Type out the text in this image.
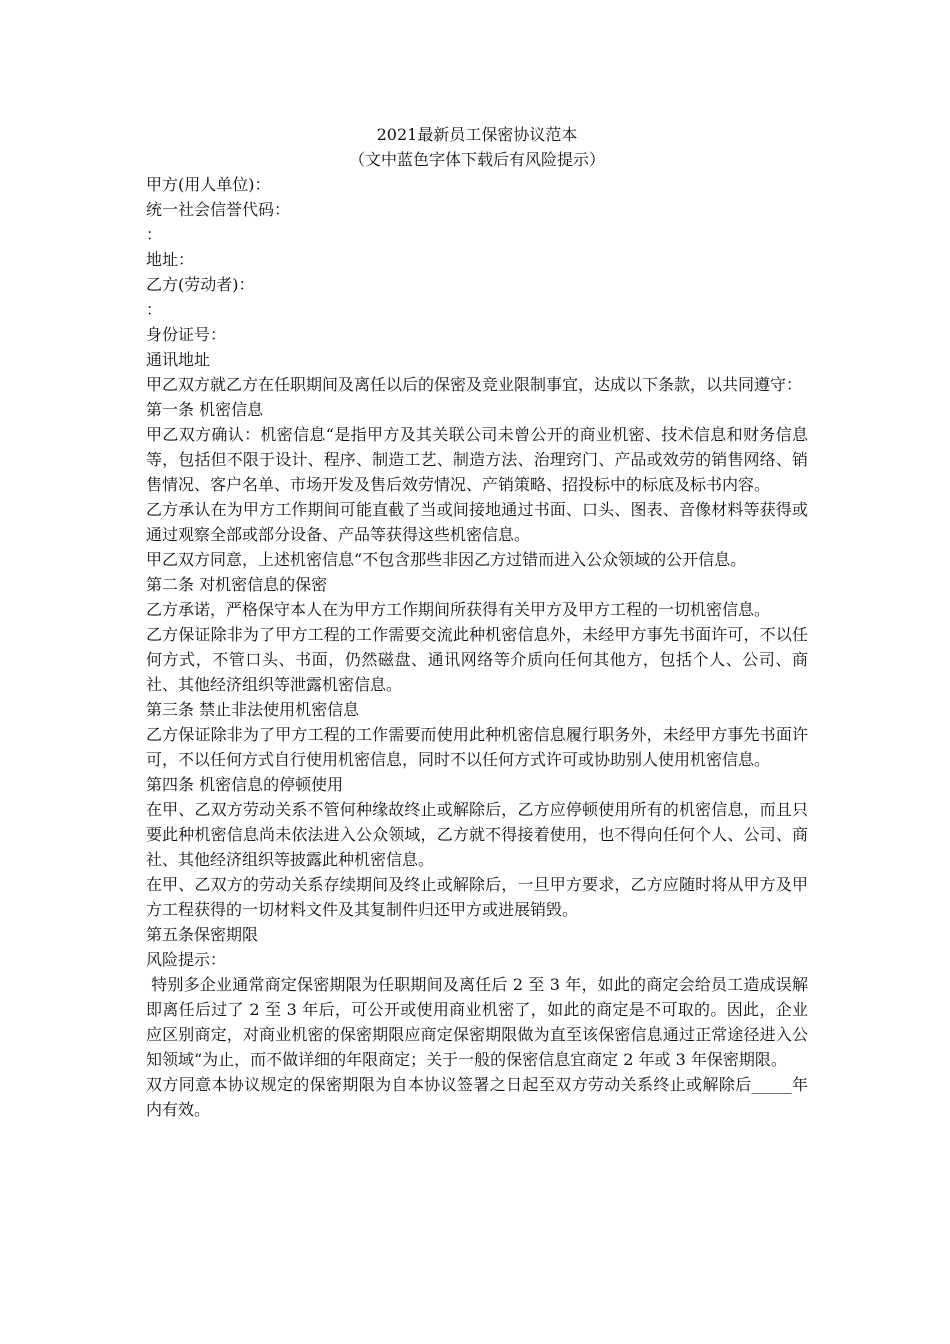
2021最新员工保密协议范本
（文中蓝色字体下载后有风险提示）

甲方(用人单位)：

统一社会信誉代码：

：

地址：

乙方(劳动者)：

：

身份证号：

通讯地址

甲乙双方就乙方在任职期间及离任以后的保密及竞业限制事宜，达成以下条款，以共同遵守：

第一条 机密信息

甲乙双方确认：机密信息“是指甲方及其关联公司未曾公开的商业机密、技术信息和财务信息等，包括但不限于设计、程序、制造工艺、制造方法、治理窍门、产品或效劳的销售网络、销售情况、客户名单、市场开发及售后效劳情况、产销策略、招投标中的标底及标书内容。

乙方承认在为甲方工作期间可能直截了当或间接地通过书面、口头、图表、音像材料等获得或通过观察全部或部分设备、产品等获得这些机密信息。

甲乙双方同意，上述机密信息“不包含那些非因乙方过错而进入公众领域的公开信息。

第二条 对机密信息的保密

乙方承诺，严格保守本人在为甲方工作期间所获得有关甲方及甲方工程的一切机密信息。

乙方保证除非为了甲方工程的工作需要交流此种机密信息外，未经甲方事先书面许可，不以任何方式，不管口头、书面，仍然磁盘、通讯网络等介质向任何其他方，包括个人、公司、商社、其他经济组织等泄露机密信息。

第三条 禁止非法使用机密信息

乙方保证除非为了甲方工程的工作需要而使用此种机密信息履行职务外，未经甲方事先书面许可，不以任何方式自行使用机密信息，同时不以任何方式许可或协助别人使用机密信息。

第四条 机密信息的停顿使用

在甲、乙双方劳动关系不管何种缘故终止或解除后，乙方应停顿使用所有的机密信息，而且只要此种机密信息尚未依法进入公众领域，乙方就不得接着使用，也不得向任何个人、公司、商社、其他经济组织等披露此种机密信息。

在甲、乙双方的劳动关系存续期间及终止或解除后，一旦甲方要求，乙方应随时将从甲方及甲方工程获得的一切材料文件及其复制件归还甲方或进展销毁。

第五条保密期限

风险提示：

特别多企业通常商定保密期限为任职期间及离任后 2 至 3 年，如此的商定会给员工造成误解即离任后过了 2 至 3 年后，可公开或使用商业机密了，如此的商定是不可取的。因此，企业应区别商定，对商业机密的保密期限应商定保密期限做为直至该保密信息通过正常途径进入公知领域“为止，而不做详细的年限商定；关于一般的保密信息宜商定 2 年或 3 年保密期限。

双方同意本协议规定的保密期限为自本协议签署之日起至双方劳动关系终止或解除后_____年内有效。
